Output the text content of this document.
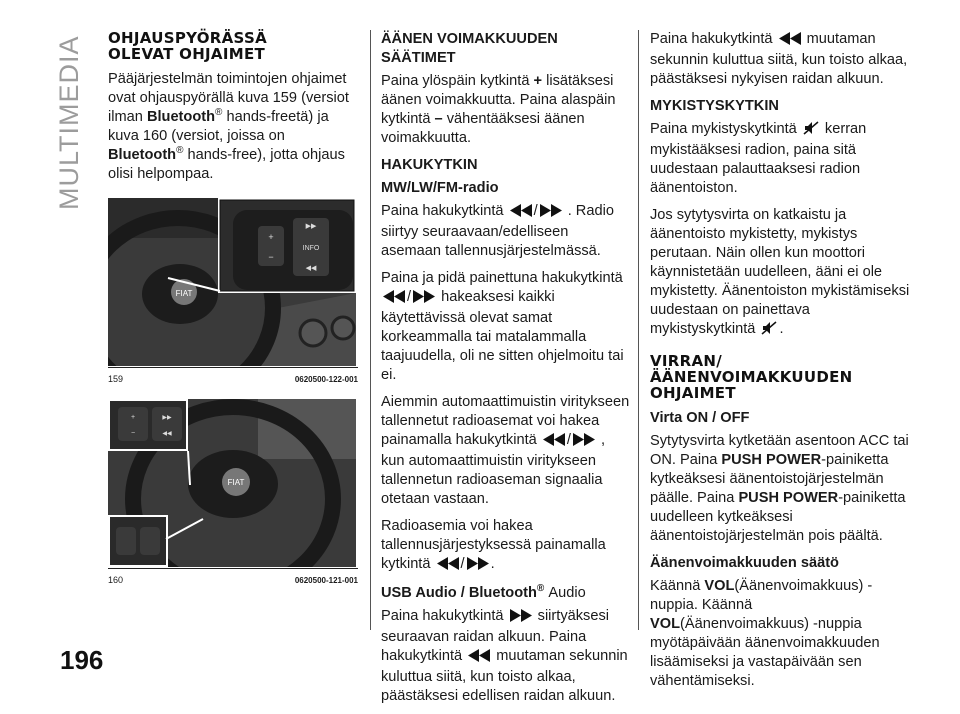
MULTIMEDIA OHJAUSPYÖRÄSSÄ OLEVAT OHJAIMET

Pääjärjestelmän toimintojen ohjaimet ovat ohjauspyörällä kuva 159 (versiot ilman Bluetooth® hands-freetä) ja kuva 160 (versiot, joissa on Bluetooth® hands-free), jotta ohjaus olisi helpompaa.

FIAT
+
−
▶▶
INFO
◀◀
159	0620500-122-001
FIAT
+
−
▶▶
◀◀
160	0620500-121-001
ÄÄNEN VOIMAKKUUDEN SÄÄTIMET

Paina ylöspäin kytkintä + lisätäksesi äänen voimakkuutta. Paina alaspäin kytkintä – vähentääksesi äänen voimakkuutta.

HAKUKYTKIN
MW/LW/FM-radio

Paina hakukytkintä / . Radio siirtyy seuraavaan/edelliseen asemaan tallennusjärjestelmässä.

Paina ja pidä painettuna hakukytkintä / hakeaksesi kaikki käytettävissä olevat samat korkeammalla tai matalammalla taajuudella, oli ne sitten ohjelmoitu tai ei.

Aiemmin automaattimuistin viritykseen tallennetut radioasemat voi hakea painamalla hakukytkintä / , kun automaattimuistin viritykseen tallennetun radioaseman signaalia otetaan vastaan.

Radioasemia voi hakea tallennusjärjestyksessä painamalla kytkintä / .

USB Audio / Bluetooth® Audio

Paina hakukytkintä siirtyäksesi seuraavan raidan alkuun. Paina hakukytkintä muutaman sekunnin kuluttua siitä, kun toisto alkaa, päästäksesi edellisen raidan alkuun.

Paina hakukytkintä muutaman sekunnin kuluttua siitä, kun toisto alkaa, päästäksesi nykyisen raidan alkuun.

MYKISTYSKYTKIN

Paina mykistyskytkintä kerran mykistääksesi radion, paina sitä uudestaan palauttaaksesi radion äänentoiston.

Jos sytytysvirta on katkaistu ja äänentoisto mykistetty, mykistys perutaan. Näin ollen kun moottori käynnistetään uudelleen, ääni ei ole mykistetty. Äänentoiston mykistämiseksi uudestaan on painettava mykistyskytkintä .

VIRRAN/ ÄÄNENVOIMAKKUUDEN OHJAIMET
Virta ON / OFF

Sytytysvirta kytketään asentoon ACC tai ON. Paina PUSH POWER-painiketta kytkeäksesi äänentoistojärjestelmän päälle. Paina PUSH POWER-painiketta uudelleen kytkeäksesi äänentoistojärjestelmän pois päältä.

Äänenvoimakkuuden säätö

Käännä VOL(Äänenvoimakkuus) -nuppia. Käännä VOL(Äänenvoimakkuus) -nuppia myötäpäivään äänenvoimakkuuden lisäämiseksi ja vastapäivään sen vähentämiseksi.

196
